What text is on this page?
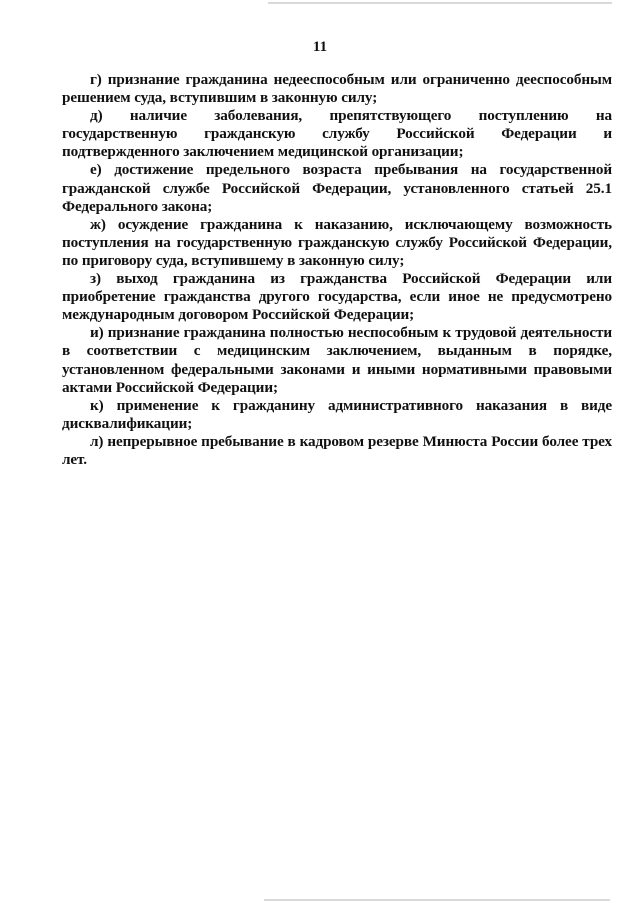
11

г) признание гражданина недееспособным или ограниченно дееспособным решением суда, вступившим в законную силу;

д) наличие заболевания, препятствующего поступлению на государственную гражданскую службу Российской Федерации и подтвержденного заключением медицинской организации;

е) достижение предельного возраста пребывания на государственной гражданской службе Российской Федерации, установленного статьей 25.1 Федерального закона;

ж) осуждение гражданина к наказанию, исключающему возможность поступления на государственную гражданскую службу Российской Федерации, по приговору суда, вступившему в законную силу;

з) выход гражданина из гражданства Российской Федерации или приобретение гражданства другого государства, если иное не предусмотрено международным договором Российской Федерации;

и) признание гражданина полностью неспособным к трудовой деятельности в соответствии с медицинским заключением, выданным в порядке, установленном федеральными законами и иными нормативными правовыми актами Российской Федерации;

к) применение к гражданину административного наказания в виде дисквалификации;

л) непрерывное пребывание в кадровом резерве Минюста России более трех лет.
